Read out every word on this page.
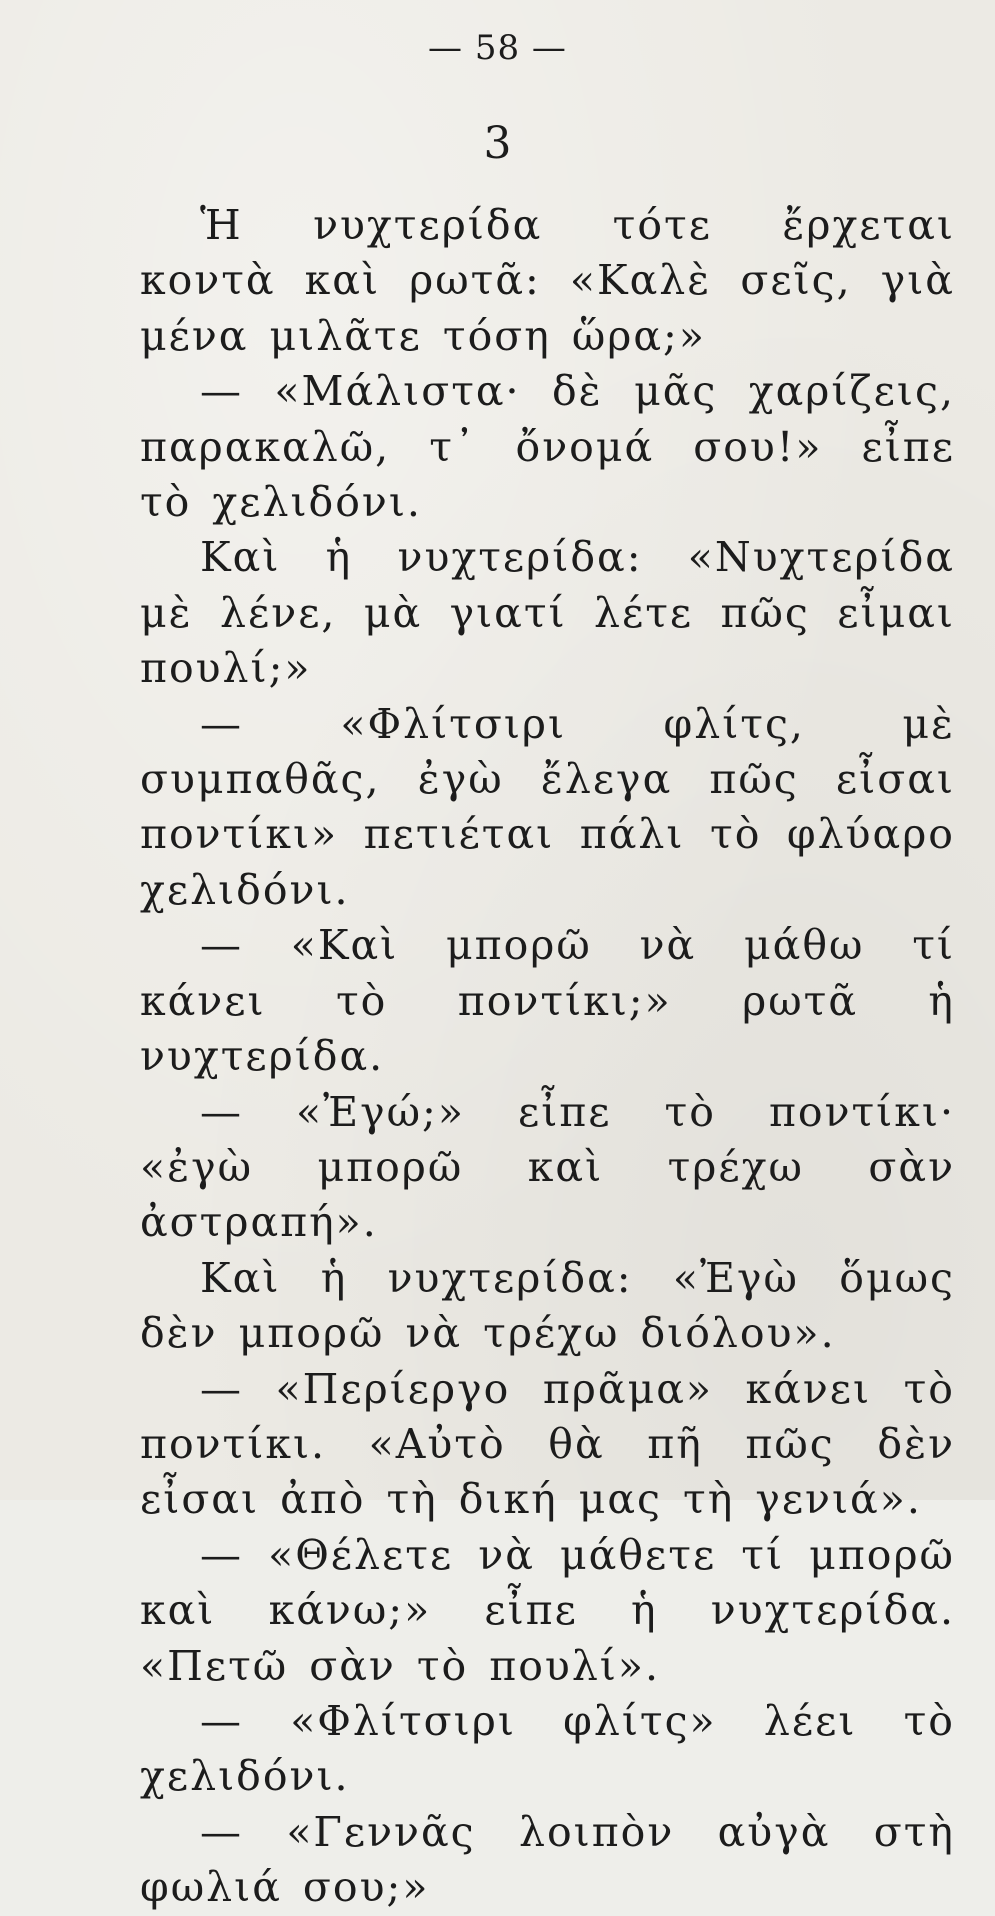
— 58 —
3

Ἡ νυχτερίδα τότε ἔρχεται κοντὰ καὶ ρωτᾶ: «Καλὲ σεῖς, γιὰ μένα μιλᾶτε τόση ὥρα;»

— «Μάλιστα· δὲ μᾶς χαρίζεις, παρακαλῶ, τ᾽ ὄνομά σου!» εἶπε τὸ χελιδόνι.

Καὶ ἡ νυχτερίδα: «Νυχτερίδα μὲ λένε, μὰ γιατί λέτε πῶς εἶμαι πουλί;»

— «Φλίτσιρι φλίτς, μὲ συμπαθᾶς, ἐγὼ ἔλεγα πῶς εἶσαι ποντίκι» πετιέται πάλι τὸ φλύαρο χελιδόνι.

— «Καὶ μπορῶ νὰ μάθω τί κάνει τὸ ποντίκι;» ρωτᾶ ἡ νυχτερίδα.

— «Ἐγώ;» εἶπε τὸ ποντίκι· «ἐγὼ μπορῶ καὶ τρέχω σὰν ἀστραπή».

Καὶ ἡ νυχτερίδα: «Ἐγὼ ὅμως δὲν μπορῶ νὰ τρέχω διόλου».

— «Περίεργο πρᾶμα» κάνει τὸ ποντίκι. «Αὐτὸ θὰ πῆ πῶς δὲν εἶσαι ἀπὸ τὴ δική μας τὴ γενιά».

— «Θέλετε νὰ μάθετε τί μπορῶ καὶ κάνω;» εἶπε ἡ νυχτερίδα. «Πετῶ σὰν τὸ πουλί».

— «Φλίτσιρι φλίτς» λέει τὸ χελιδόνι.

— «Γεννᾶς λοιπὸν αὐγὰ στὴ φωλιά σου;»
